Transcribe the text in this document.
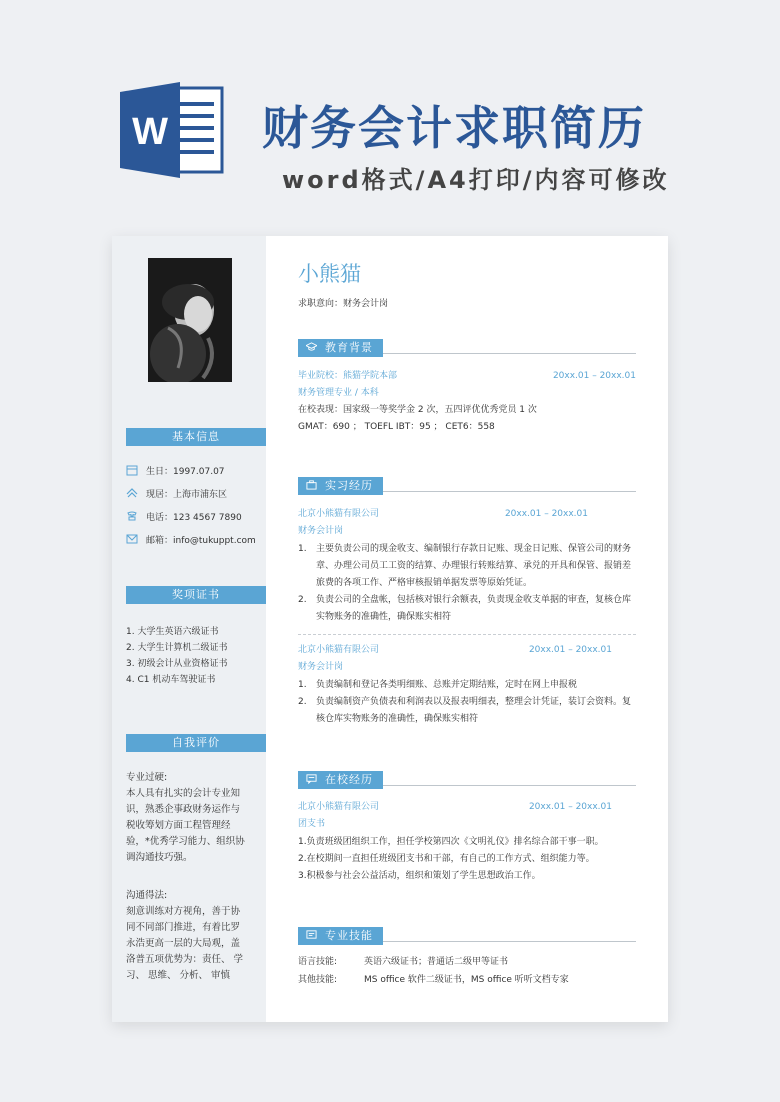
W 财务会计求职简历
word格式/A4打印/内容可修改
基本信息
生日：1997.07.07
现居：上海市浦东区
电话：123 4567 7890
邮箱：info@tukuppt.com
奖项证书
1. 大学生英语六级证书
2. 大学生计算机二级证书
3. 初级会计从业资格证书
4. C1 机动车驾驶证书
自我评价

专业过硬:

本人具有扎实的会计专业知

识，熟悉企事政财务运作与

税收筹划方面工程管理经

验，*优秀学习能力、组织协

调沟通技巧强。

沟通得法:

刻意训练对方视角，善于协

同不同部门推进，有着比罗

永浩更高一层的大局观，盖

洛普五项优势为：责任、 学

习、 思维、 分析、 审慎

小熊猫
求职意向：财务会计岗
教育背景
毕业院校：熊猫学院本部	20xx.01 – 20xx.01
财务管理专业 / 本科
在校表现：国家级一等奖学金 2 次，五四评优优秀党员 1 次
GMAT：690 ； TOEFL IBT：95 ； CET6：558
实习经历
北京小熊猫有限公司	20xx.01 – 20xx.01
财务会计岗
1. 主要负责公司的现金收支、编制银行存款日记账、现金日记账、保管公司的财务章、办理公司员工工资的结算、办理银行转账结算、承兑的开具和保管、报销差旅费的各项工作、严格审核报销单据发票等原始凭证。
2. 负责公司的全盘帐，包括核对银行余额表，负责现金收支单据的审查，复核仓库实物账务的准确性，确保账实相符
北京小熊猫有限公司	20xx.01 – 20xx.01
财务会计岗
1. 负责编制和登记各类明细账、总账并定期结账，定时在网上申报税
2. 负责编制资产负债表和利润表以及报表明细表，整理会计凭证，装订会资料。复核仓库实物账务的准确性，确保账实相符
在校经历
北京小熊猫有限公司	20xx.01 – 20xx.01
团支书
1.负责班级团组织工作，担任学校第四次《文明礼仪》排名综合部干事一职。
2.在校期间一直担任班级团支书和干部，有自己的工作方式、组织能力等。
3.积极参与社会公益活动，组织和策划了学生思想政治工作。
专业技能
语言技能:	英语六级证书；普通话二级甲等证书
其他技能:	MS office 软件二级证书，MS office 听听文档专家
